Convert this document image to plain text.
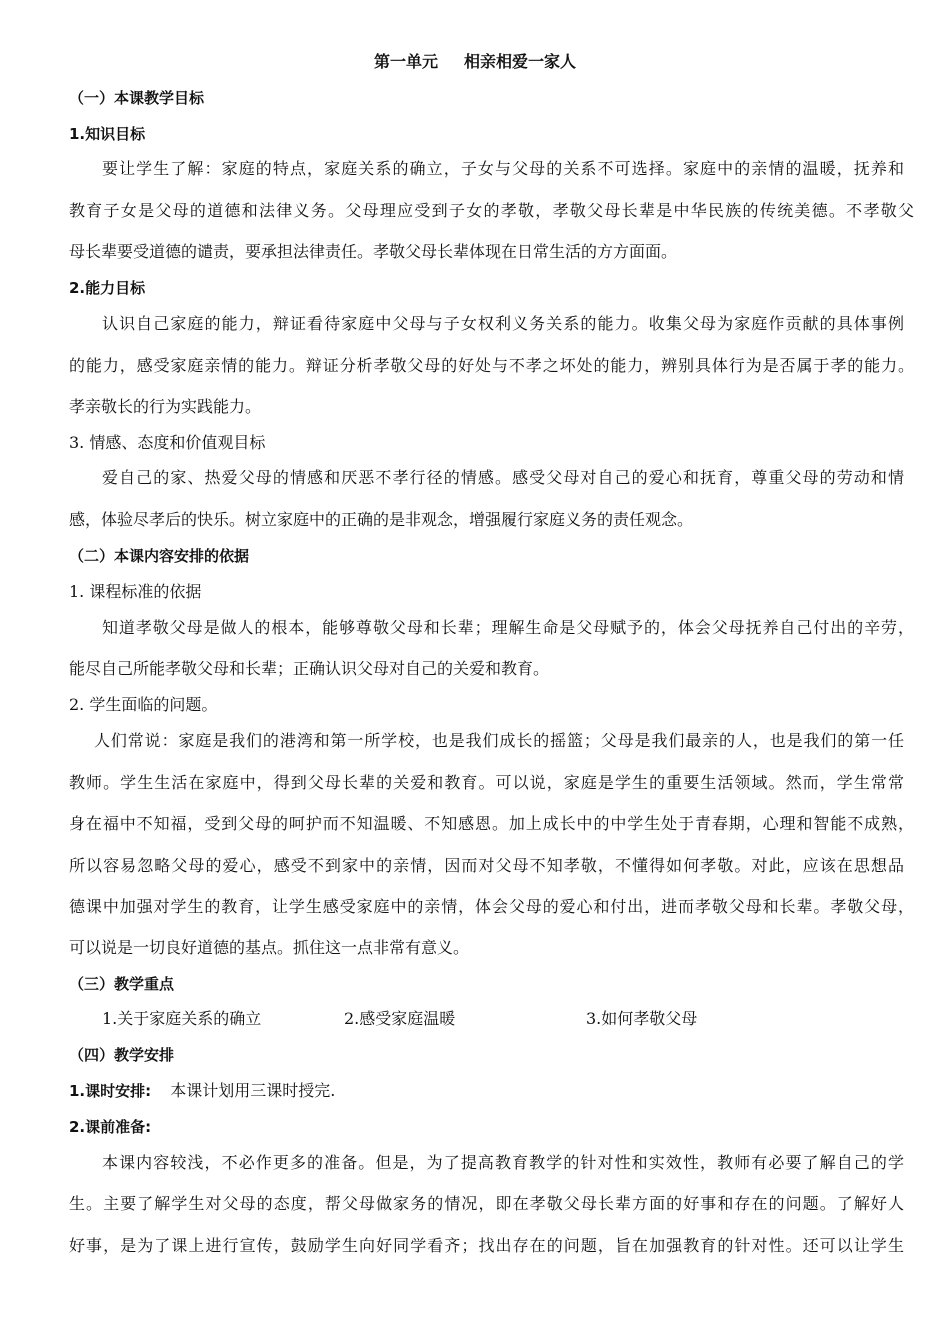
第一单元 相亲相爱一家人
（一）本课教学目标
1.知识目标
要让学生了解：家庭的特点，家庭关系的确立，子女与父母的关系不可选择。家庭中的亲情的温暖，抚养和
教育子女是父母的道德和法律义务。父母理应受到子女的孝敬，孝敬父母长辈是中华民族的传统美德。不孝敬父
母长辈要受道德的谴责，要承担法律责任。孝敬父母长辈体现在日常生活的方方面面。
2.能力目标
认识自己家庭的能力，辩证看待家庭中父母与子女权利义务关系的能力。收集父母为家庭作贡献的具体事例
的能力，感受家庭亲情的能力。辩证分析孝敬父母的好处与不孝之坏处的能力，辨别具体行为是否属于孝的能力。
孝亲敬长的行为实践能力。
3. 情感、态度和价值观目标
爱自己的家、热爱父母的情感和厌恶不孝行径的情感。感受父母对自己的爱心和抚育，尊重父母的劳动和情
感，体验尽孝后的快乐。树立家庭中的正确的是非观念，增强履行家庭义务的责任观念。
（二）本课内容安排的依据
1. 课程标准的依据
知道孝敬父母是做人的根本，能够尊敬父母和长辈；理解生命是父母赋予的，体会父母抚养自己付出的辛劳，
能尽自己所能孝敬父母和长辈；正确认识父母对自己的关爱和教育。
2. 学生面临的问题。
人们常说：家庭是我们的港湾和第一所学校，也是我们成长的摇篮；父母是我们最亲的人，也是我们的第一任
教师。学生生活在家庭中，得到父母长辈的关爱和教育。可以说，家庭是学生的重要生活领域。然而，学生常常
身在福中不知福，受到父母的呵护而不知温暖、不知感恩。加上成长中的中学生处于青春期，心理和智能不成熟，
所以容易忽略父母的爱心，感受不到家中的亲情，因而对父母不知孝敬，不懂得如何孝敬。对此，应该在思想品
德课中加强对学生的教育，让学生感受家庭中的亲情，体会父母的爱心和付出，进而孝敬父母和长辈。孝敬父母，
可以说是一切良好道德的基点。抓住这一点非常有意义。
（三）教学重点
1.关于家庭关系的确立	2.感受家庭温暖	3.如何孝敬父母
（四）教学安排
1.课时安排: 本课计划用三课时授完.
2.课前准备:
本课内容较浅，不必作更多的准备。但是，为了提高教育教学的针对性和实效性，教师有必要了解自己的学
生。主要了解学生对父母的态度，帮父母做家务的情况，即在孝敬父母长辈方面的好事和存在的问题。了解好人
好事，是为了课上进行宣传，鼓励学生向好同学看齐；找出存在的问题，旨在加强教育的针对性。还可以让学生
